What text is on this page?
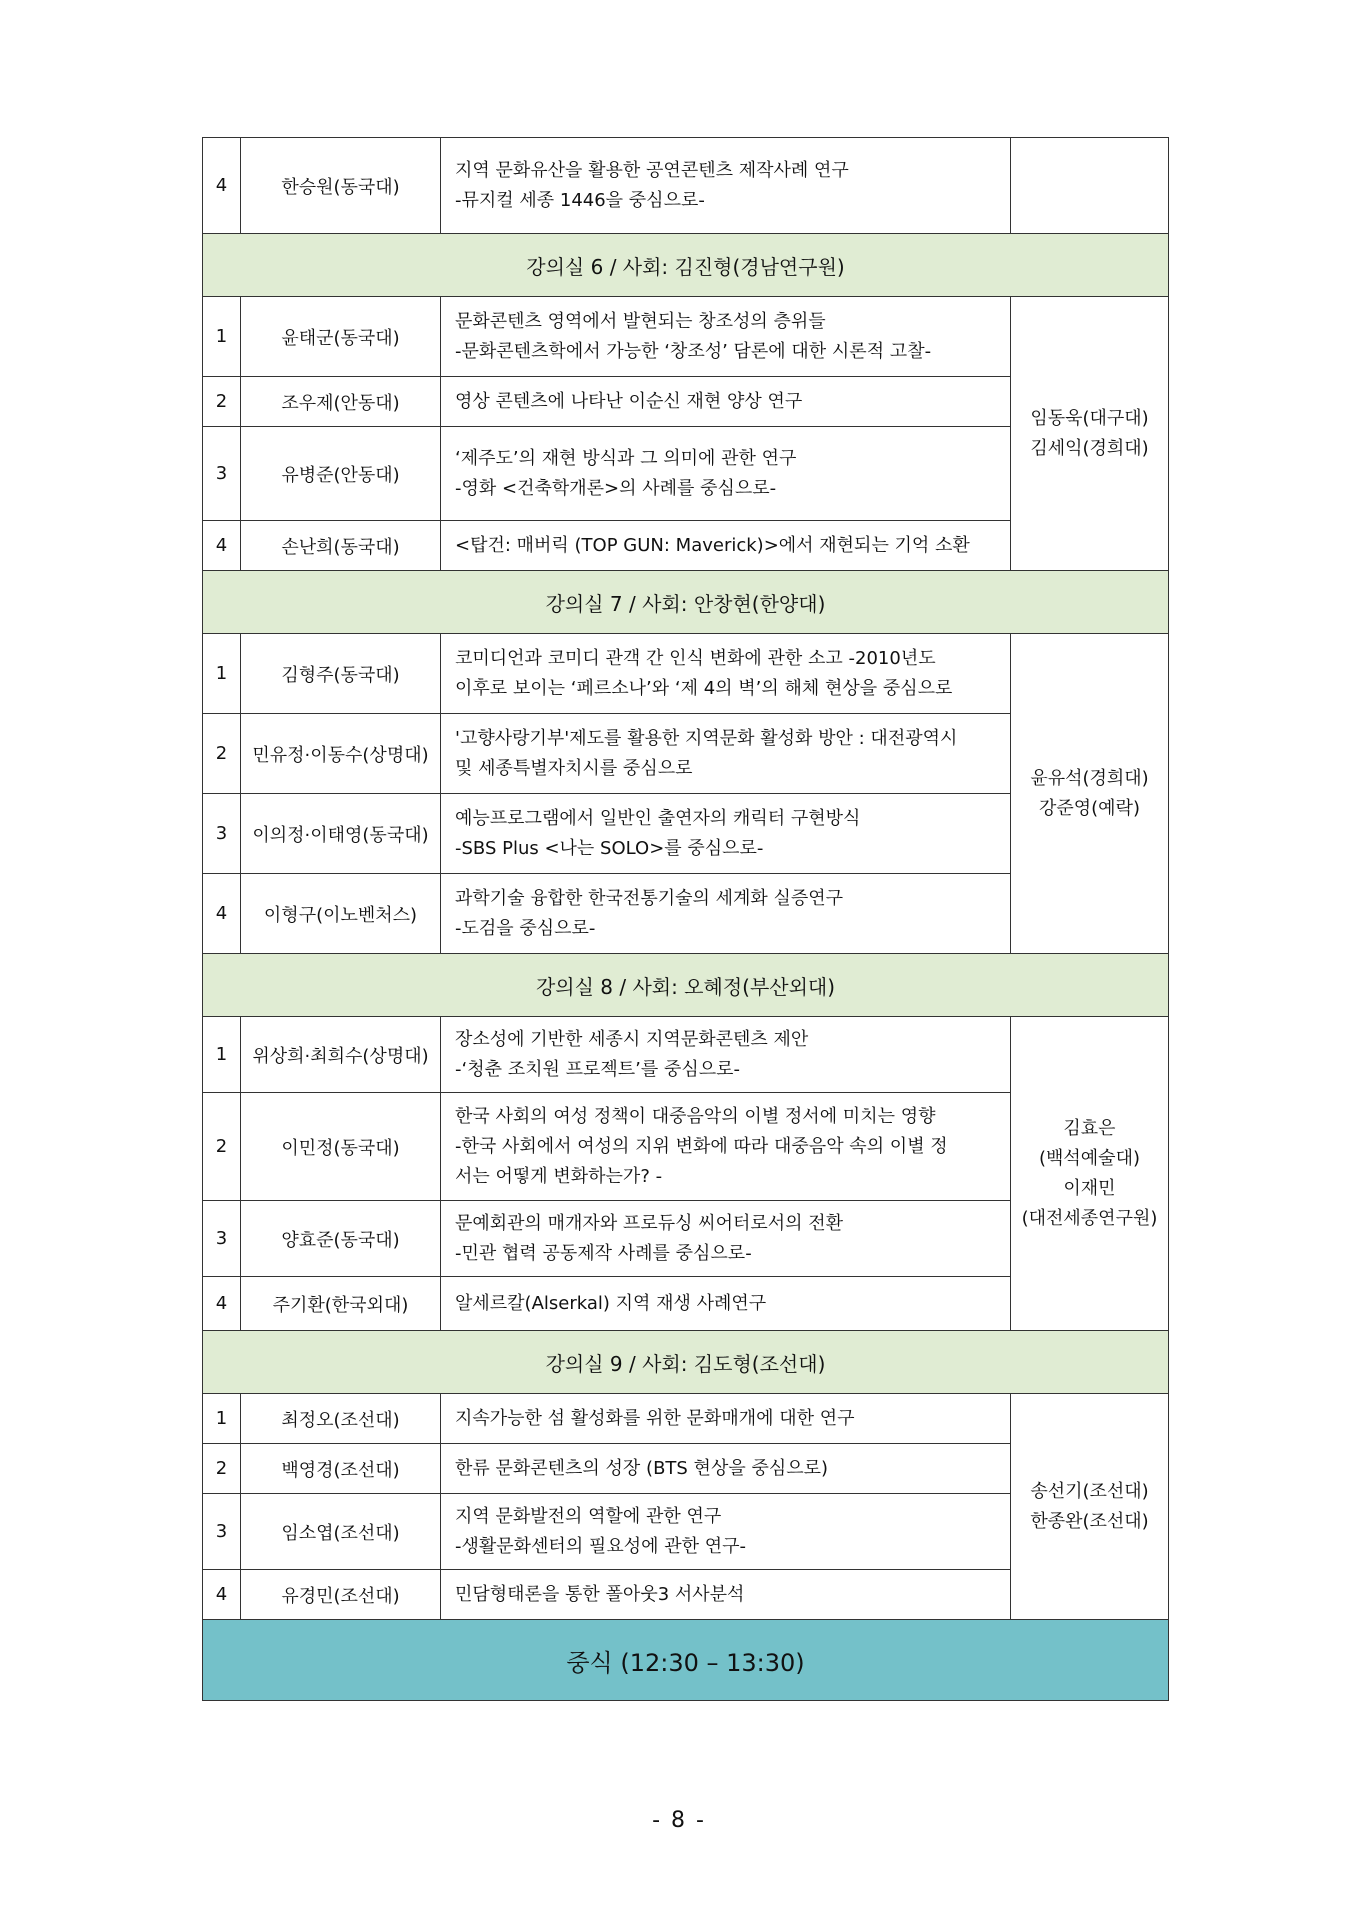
4	한승원(동국대)	지역 문화유산을 활용한 공연콘텐츠 제작사례 연구
-뮤지컬 세종 1446을 중심으로-	

강의실 6 / 사회: 김진형(경남연구원)			
1	윤태군(동국대)	문화콘텐츠 영역에서 발현되는 창조성의 층위들
-문화콘텐츠학에서 가능한 ‘창조성’ 담론에 대한 시론적 고찰-	임동욱(대구대)
김세익(경희대)

2	조우제(안동대)	영상 콘텐츠에 나타난 이순신 재현 양상 연구	

3	유병준(안동대)	‘제주도’의 재현 방식과 그 의미에 관한 연구
-영화 <건축학개론>의 사례를 중심으로-	

4	손난희(동국대)	<탑건: 매버릭 (TOP GUN: Maverick)>에서 재현되는 기억 소환	

강의실 7 / 사회: 안창현(한양대)			
1	김형주(동국대)	코미디언과 코미디 관객 간 인식 변화에 관한 소고 -2010년도
이후로 보이는 ‘페르소나’와 ‘제 4의 벽’의 해체 현상을 중심으로	윤유석(경희대)
강준영(예락)

2	민유정·이동수(상명대)	'고향사랑기부'제도를 활용한 지역문화 활성화 방안 : 대전광역시
및 세종특별자치시를 중심으로	

3	이의정·이태영(동국대)	예능프로그램에서 일반인 출연자의 캐릭터 구현방식
-SBS Plus <나는 SOLO>를 중심으로-	

4	이형구(이노벤처스)	과학기술 융합한 한국전통기술의 세계화 실증연구
-도검을 중심으로-	

강의실 8 / 사회: 오혜정(부산외대)			
1	위상희·최희수(상명대)	장소성에 기반한 세종시 지역문화콘텐츠 제안
-‘청춘 조치원 프로젝트’를 중심으로-	김효은
(백석예술대)
이재민
(대전세종연구원)

2	이민정(동국대)	한국 사회의 여성 정책이 대중음악의 이별 정서에 미치는 영향
-한국 사회에서 여성의 지위 변화에 따라 대중음악 속의 이별 정
서는 어떻게 변화하는가? -	

3	양효준(동국대)	문예회관의 매개자와 프로듀싱 씨어터로서의 전환
-민관 협력 공동제작 사례를 중심으로-	

4	주기환(한국외대)	알세르칼(Alserkal) 지역 재생 사례연구	

강의실 9 / 사회: 김도형(조선대)			
1	최정오(조선대)	지속가능한 섬 활성화를 위한 문화매개에 대한 연구	송선기(조선대)
한종완(조선대)

2	백영경(조선대)	한류 문화콘텐츠의 성장 (BTS 현상을 중심으로)	

3	임소엽(조선대)	지역 문화발전의 역할에 관한 연구
-생활문화센터의 필요성에 관한 연구-	

4	유경민(조선대)	민담형태론을 통한 폴아웃3 서사분석	

중식 (12:30 – 13:30)			
- 8 -
